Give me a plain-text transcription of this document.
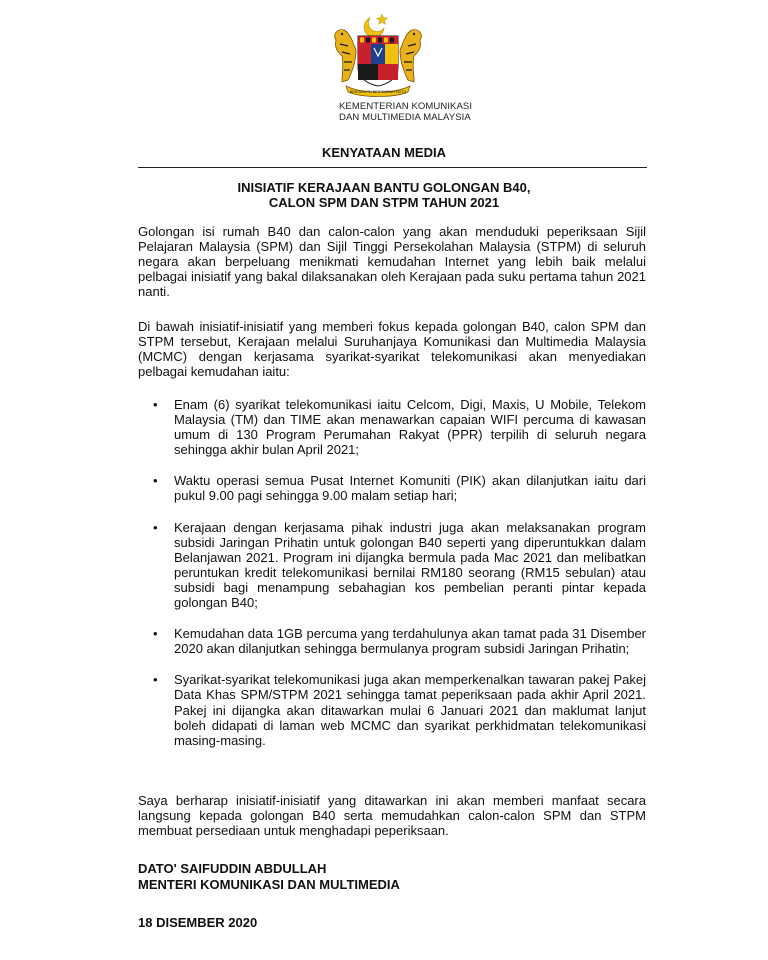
BERSEKUTU BERTAMBAH MUTU
KEMENTERIAN KOMUNIKASI
DAN MULTIMEDIA MALAYSIA
KENYATAAN MEDIA
INISIATIF KERAJAAN BANTU GOLONGAN B40,
CALON SPM DAN STPM TAHUN 2021

Golongan isi rumah B40 dan calon-calon yang akan menduduki peperiksaan Sijil Pelajaran Malaysia (SPM) dan Sijil Tinggi Persekolahan Malaysia (STPM) di seluruh negara akan berpeluang menikmati kemudahan Internet yang lebih baik melalui pelbagai inisiatif yang bakal dilaksanakan oleh Kerajaan pada suku pertama tahun 2021 nanti.

Di bawah inisiatif-inisiatif yang memberi fokus kepada golongan B40, calon SPM dan STPM tersebut, Kerajaan melalui Suruhanjaya Komunikasi dan Multimedia Malaysia (MCMC) dengan kerjasama syarikat-syarikat telekomunikasi akan menyediakan pelbagai kemudahan iaitu:

• Enam (6) syarikat telekomunikasi iaitu Celcom, Digi, Maxis, U Mobile, Telekom Malaysia (TM) dan TIME akan menawarkan capaian WIFI percuma di kawasan umum di 130 Program Perumahan Rakyat (PPR) terpilih di seluruh negara sehingga akhir bulan April 2021;
• Waktu operasi semua Pusat Internet Komuniti (PIK) akan dilanjutkan iaitu dari pukul 9.00 pagi sehingga 9.00 malam setiap hari;
• Kerajaan dengan kerjasama pihak industri juga akan melaksanakan program subsidi Jaringan Prihatin untuk golongan B40 seperti yang diperuntukkan dalam Belanjawan 2021. Program ini dijangka bermula pada Mac 2021 dan melibatkan peruntukan kredit telekomunikasi bernilai RM180 seorang (RM15 sebulan) atau subsidi bagi menampung sebahagian kos pembelian peranti pintar kepada golongan B40;
• Kemudahan data 1GB percuma yang terdahulunya akan tamat pada 31 Disember 2020 akan dilanjutkan sehingga bermulanya program subsidi Jaringan Prihatin;
• Syarikat-syarikat telekomunikasi juga akan memperkenalkan tawaran pakej Pakej Data Khas SPM/STPM 2021 sehingga tamat peperiksaan pada akhir April 2021. Pakej ini dijangka akan ditawarkan mulai 6 Januari 2021 dan maklumat lanjut boleh didapati di laman web MCMC dan syarikat perkhidmatan telekomunikasi masing-masing.

Saya berharap inisiatif-inisiatif yang ditawarkan ini akan memberi manfaat secara langsung kepada golongan B40 serta memudahkan calon-calon SPM dan STPM membuat persediaan untuk menghadapi peperiksaan.

DATO' SAIFUDDIN ABDULLAH
MENTERI KOMUNIKASI DAN MULTIMEDIA
18 DISEMBER 2020
